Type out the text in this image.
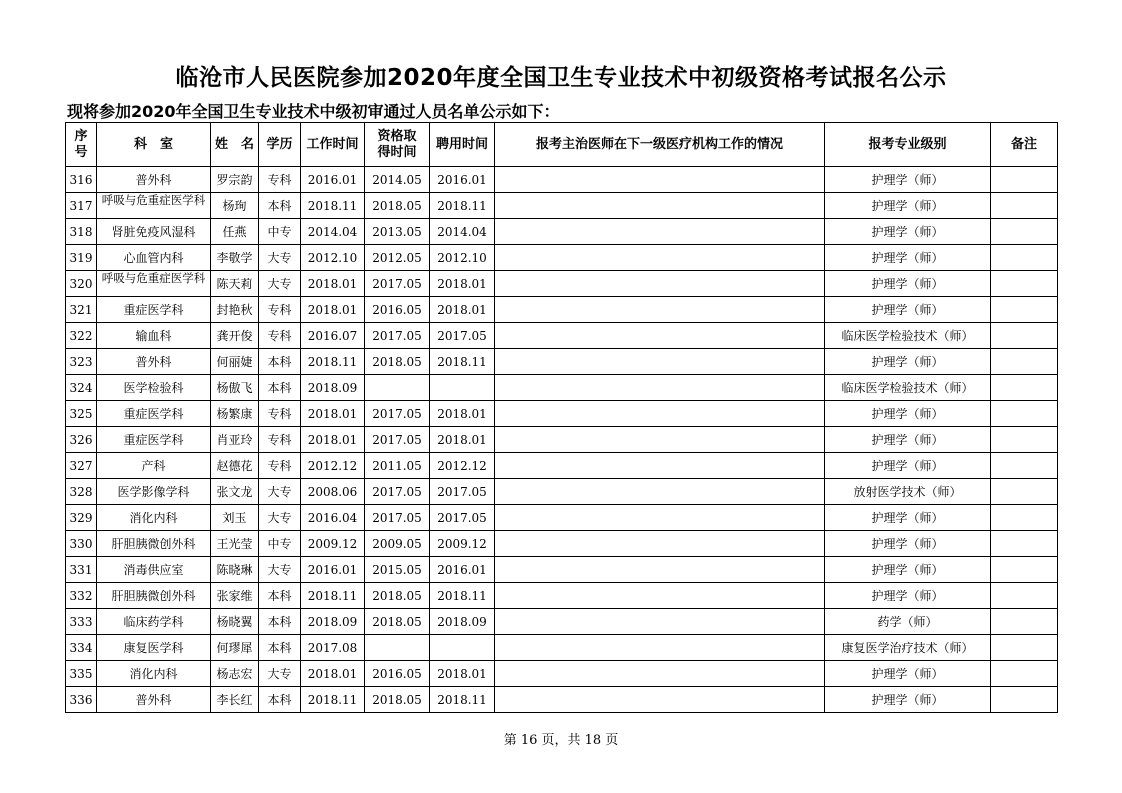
临沧市人民医院参加2020年度全国卫生专业技术中初级资格考试报名公示
现将参加2020年全国卫生专业技术中级初审通过人员名单公示如下：
序
号	科　室	姓　名	学历	工作时间	资格取
得时间	聘用时间	报考主治医师在下一级医疗机构工作的情况	报考专业级别	备注
316	普外科	罗宗韵	专科	2016.01	2014.05	2016.01		护理学（师）	
317	呼吸与危重症医学科	杨珣	本科	2018.11	2018.05	2018.11		护理学（师）	
318	肾脏免疫风湿科	任燕	中专	2014.04	2013.05	2014.04		护理学（师）	
319	心血管内科	李敬学	大专	2012.10	2012.05	2012.10		护理学（师）	
320	呼吸与危重症医学科	陈天莉	大专	2018.01	2017.05	2018.01		护理学（师）	
321	重症医学科	封艳秋	专科	2018.01	2016.05	2018.01		护理学（师）	
322	输血科	龚开俊	专科	2016.07	2017.05	2017.05		临床医学检验技术（师）	
323	普外科	何丽婕	本科	2018.11	2018.05	2018.11		护理学（师）	
324	医学检验科	杨傲飞	本科	2018.09				临床医学检验技术（师）	
325	重症医学科	杨繁康	专科	2018.01	2017.05	2018.01		护理学（师）	
326	重症医学科	肖亚玲	专科	2018.01	2017.05	2018.01		护理学（师）	
327	产科	赵德花	专科	2012.12	2011.05	2012.12		护理学（师）	
328	医学影像学科	张文龙	大专	2008.06	2017.05	2017.05		放射医学技术（师）	
329	消化内科	刘玉	大专	2016.04	2017.05	2017.05		护理学（师）	
330	肝胆胰微创外科	王光莹	中专	2009.12	2009.05	2009.12		护理学（师）	
331	消毒供应室	陈晓琳	大专	2016.01	2015.05	2016.01		护理学（师）	
332	肝胆胰微创外科	张家维	本科	2018.11	2018.05	2018.11		护理学（师）	
333	临床药学科	杨晓翼	本科	2018.09	2018.05	2018.09		药学（师）	
334	康复医学科	何璆犀	本科	2017.08				康复医学治疗技术（师）	
335	消化内科	杨志宏	大专	2018.01	2016.05	2018.01		护理学（师）	
336	普外科	李长红	本科	2018.11	2018.05	2018.11		护理学（师）	
第 16 页，共 18 页
